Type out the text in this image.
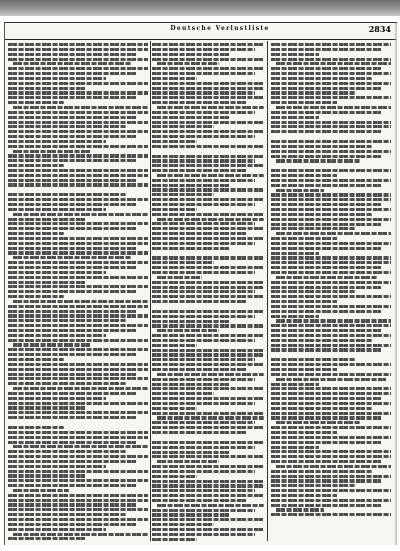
Deutsche Verlustliste	2834
